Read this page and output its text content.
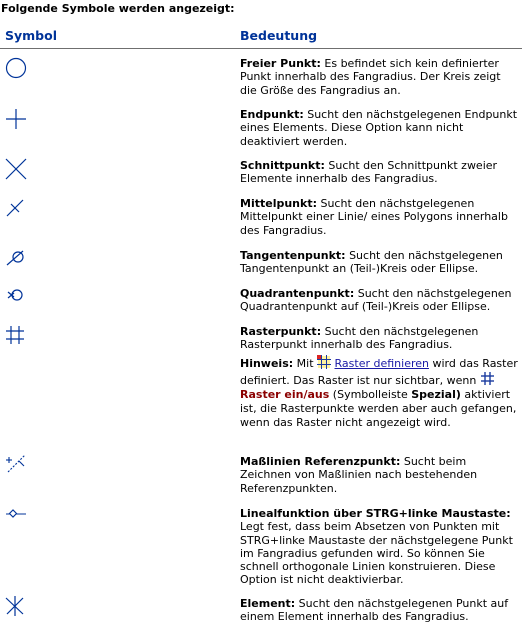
Folgende Symbole werden angezeigt:
Symbol	Bedeutung
Freier Punkt: Es befindet sich kein definierter Punkt innerhalb des Fangradius. Der Kreis zeigt die Größe des Fangradius an.
Endpunkt: Sucht den nächstgelegenen Endpunkt eines Elements. Diese Option kann nicht deaktiviert werden.
Schnittpunkt: Sucht den Schnittpunkt zweier Elemente innerhalb des Fangradius.
Mittelpunkt: Sucht den nächstgelegenen Mittelpunkt einer Linie/ eines Polygons innerhalb des Fangradius.
Tangentenpunkt: Sucht den nächstgelegenen Tangentenpunkt an (Teil-)Kreis oder Ellipse.
Quadrantenpunkt: Sucht den nächstgelegenen Quadrantenpunkt auf (Teil-)Kreis oder Ellipse.
Rasterpunkt: Sucht den nächstgelegenen Rasterpunkt innerhalb des Fangradius.
Hinweis: Mit  Raster definieren wird das Raster definiert. Das Raster ist nur sichtbar, wenn  Raster ein/aus (Symbolleiste Spezial) aktiviert ist, die Rasterpunkte werden aber auch gefangen, wenn das Raster nicht angezeigt wird.
Maßlinien Referenzpunkt: Sucht beim Zeichnen von Maßlinien nach bestehenden Referenzpunkten.
Linealfunktion über STRG+linke Maustaste: Legt fest, dass beim Absetzen von Punkten mit STRG+linke Maustaste der nächstgelegene Punkt im Fangradius gefunden wird. So können Sie schnell orthogonale Linien konstruieren. Diese Option ist nicht deaktivierbar.
Element: Sucht den nächstgelegenen Punkt auf einem Element innerhalb des Fangradius.
